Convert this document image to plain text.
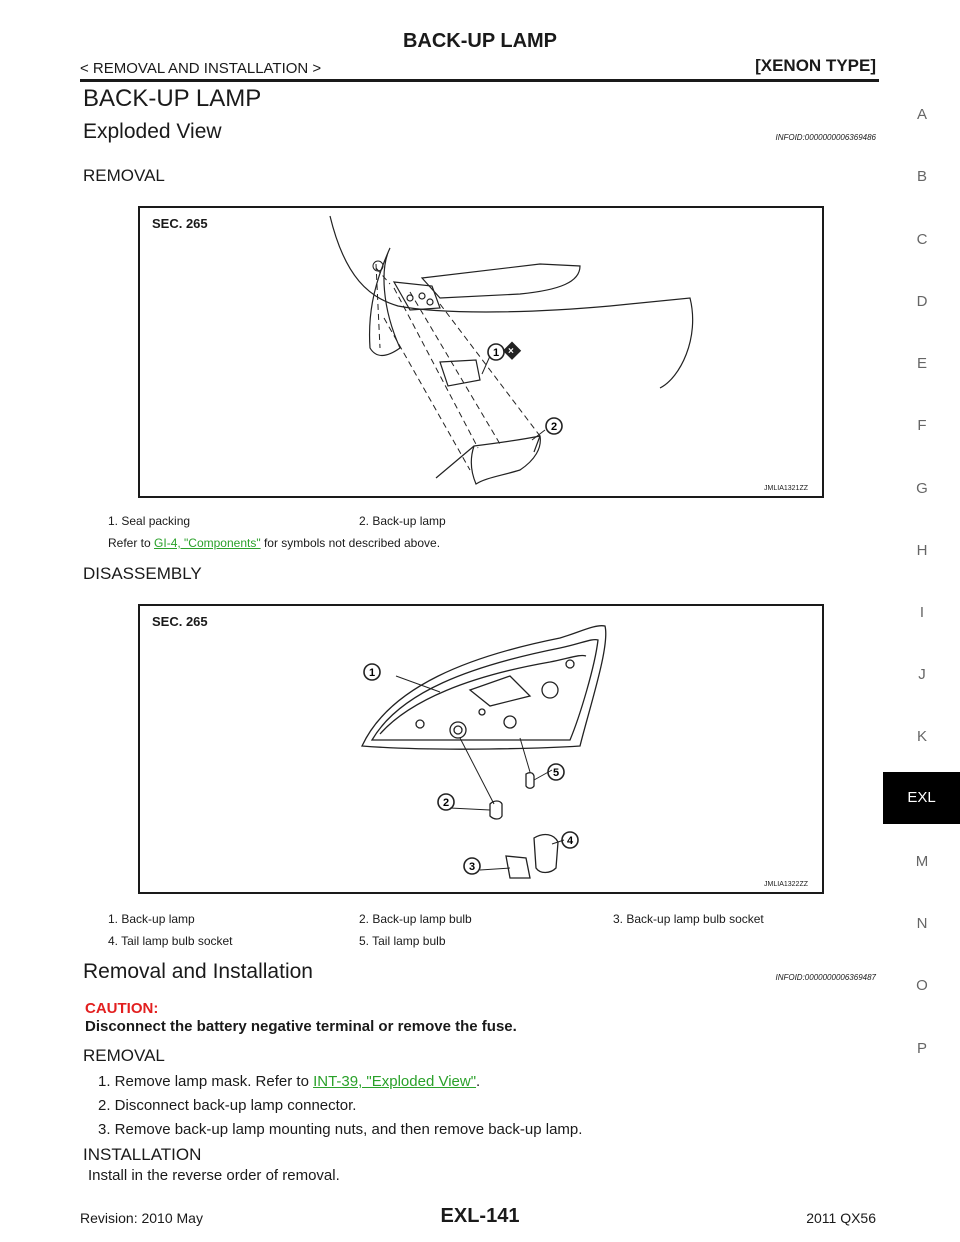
BACK-UP LAMP
< REMOVAL AND INSTALLATION >	[XENON TYPE]
BACK-UP LAMP
Exploded View	INFOID:0000000006369486
REMOVAL
×
SEC. 265
1
2
JMLIA1321ZZ
1. Seal packing	2. Back-up lamp
Refer to GI-4, "Components" for symbols not described above.
DISASSEMBLY
SEC. 265
1
2
3
4
5
JMLIA1322ZZ
1. Back-up lamp	2. Back-up lamp bulb	3. Back-up lamp bulb socket
4. Tail lamp bulb socket	5. Tail lamp bulb
Removal and Installation	INFOID:0000000006369487
CAUTION:
Disconnect the battery negative terminal or remove the fuse.
REMOVAL
1. Remove lamp mask. Refer to INT-39, "Exploded View".
2. Disconnect back-up lamp connector.
3. Remove back-up lamp mounting nuts, and then remove back-up lamp.
INSTALLATION
Install in the reverse order of removal.
A
B
C
D
E
F
G
H
I
J
K
EXL
M
N
O
P
Revision: 2010 May	EXL-141	2011 QX56
